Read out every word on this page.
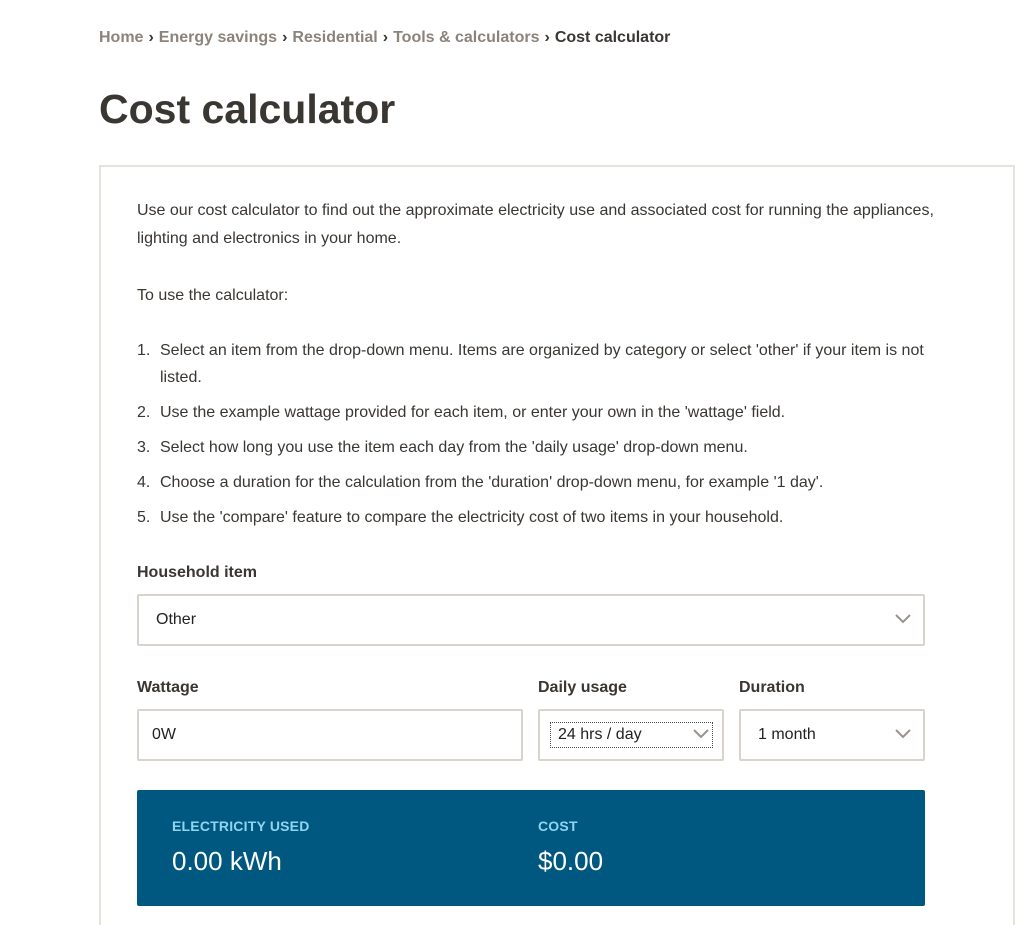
Home › Energy savings › Residential › Tools & calculators › Cost calculator
Cost calculator

Use our cost calculator to find out the approximate electricity use and associated cost for running the appliances, lighting and electronics in your home.

To use the calculator:

1. Select an item from the drop-down menu. Items are organized by category or select 'other' if your item is not listed.
2. Use the example wattage provided for each item, or enter your own in the 'wattage' field.
3. Select how long you use the item each day from the 'daily usage' drop-down menu.
4. Choose a duration for the calculation from the 'duration' drop-down menu, for example '1 day'.
5. Use the 'compare' feature to compare the electricity cost of two items in your household.
Household item
Other
Wattage
0W	Daily usage
24 hrs / day
Duration
1 month
ELECTRICITY USED
0.00 kWh
COST
$0.00
